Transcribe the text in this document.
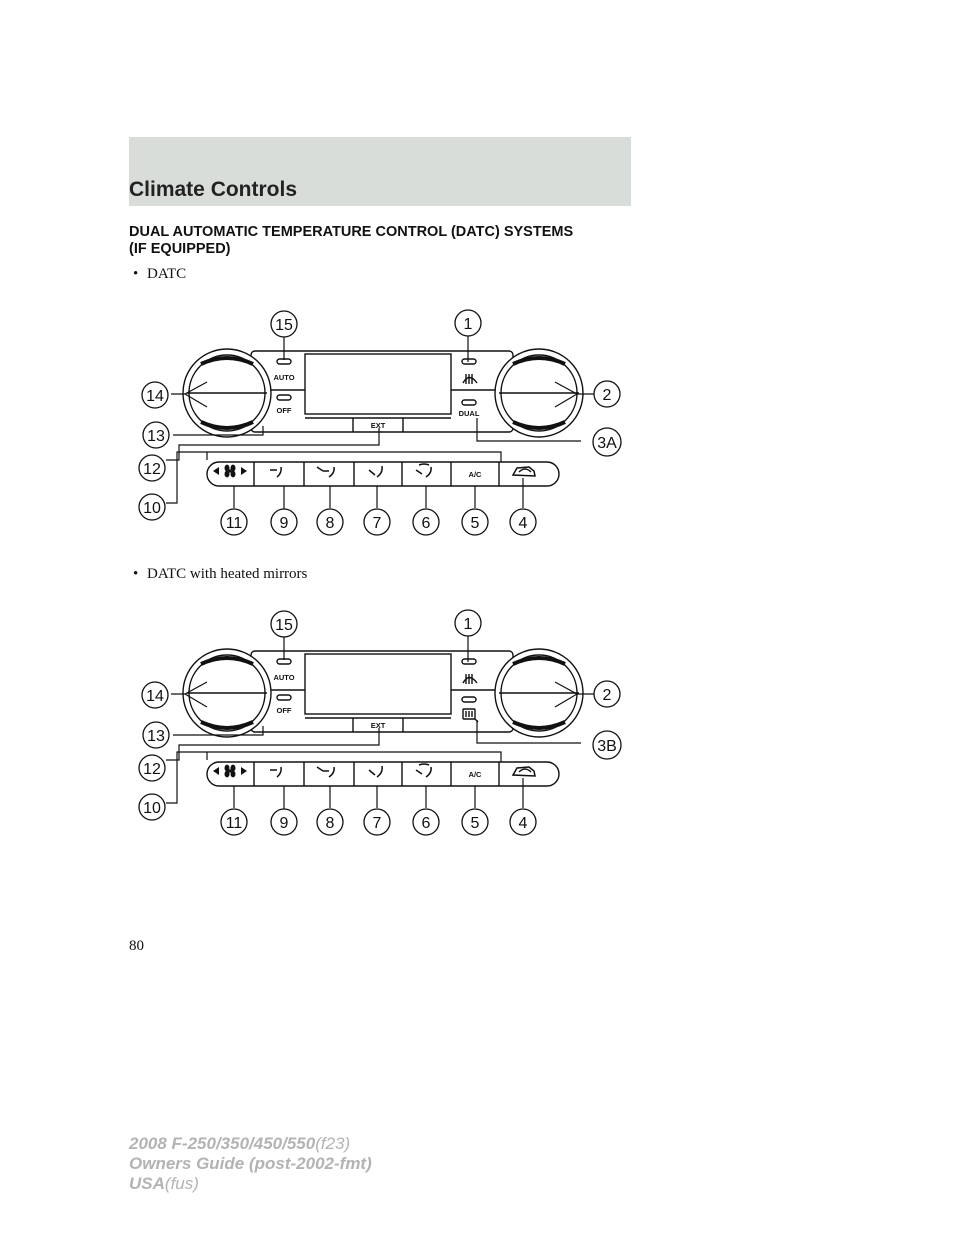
Climate Controls
DUAL AUTOMATIC TEMPERATURE CONTROL (DATC) SYSTEMS
(IF EQUIPPED)
• DATC
AUTO
OFF
EXT
DUAL
A/C
15	1
14	2
13	3A
12
10
11 9 8 7	6	5 4
• DATC with heated mirrors
AUTO
OFF
EXT
A/C
15	1
14	2
13
3B
12
10
11 9 8 7	6	5 4
80
2008 F-250/350/450/550(f23)
Owners Guide (post-2002-fmt)
USA(fus)
